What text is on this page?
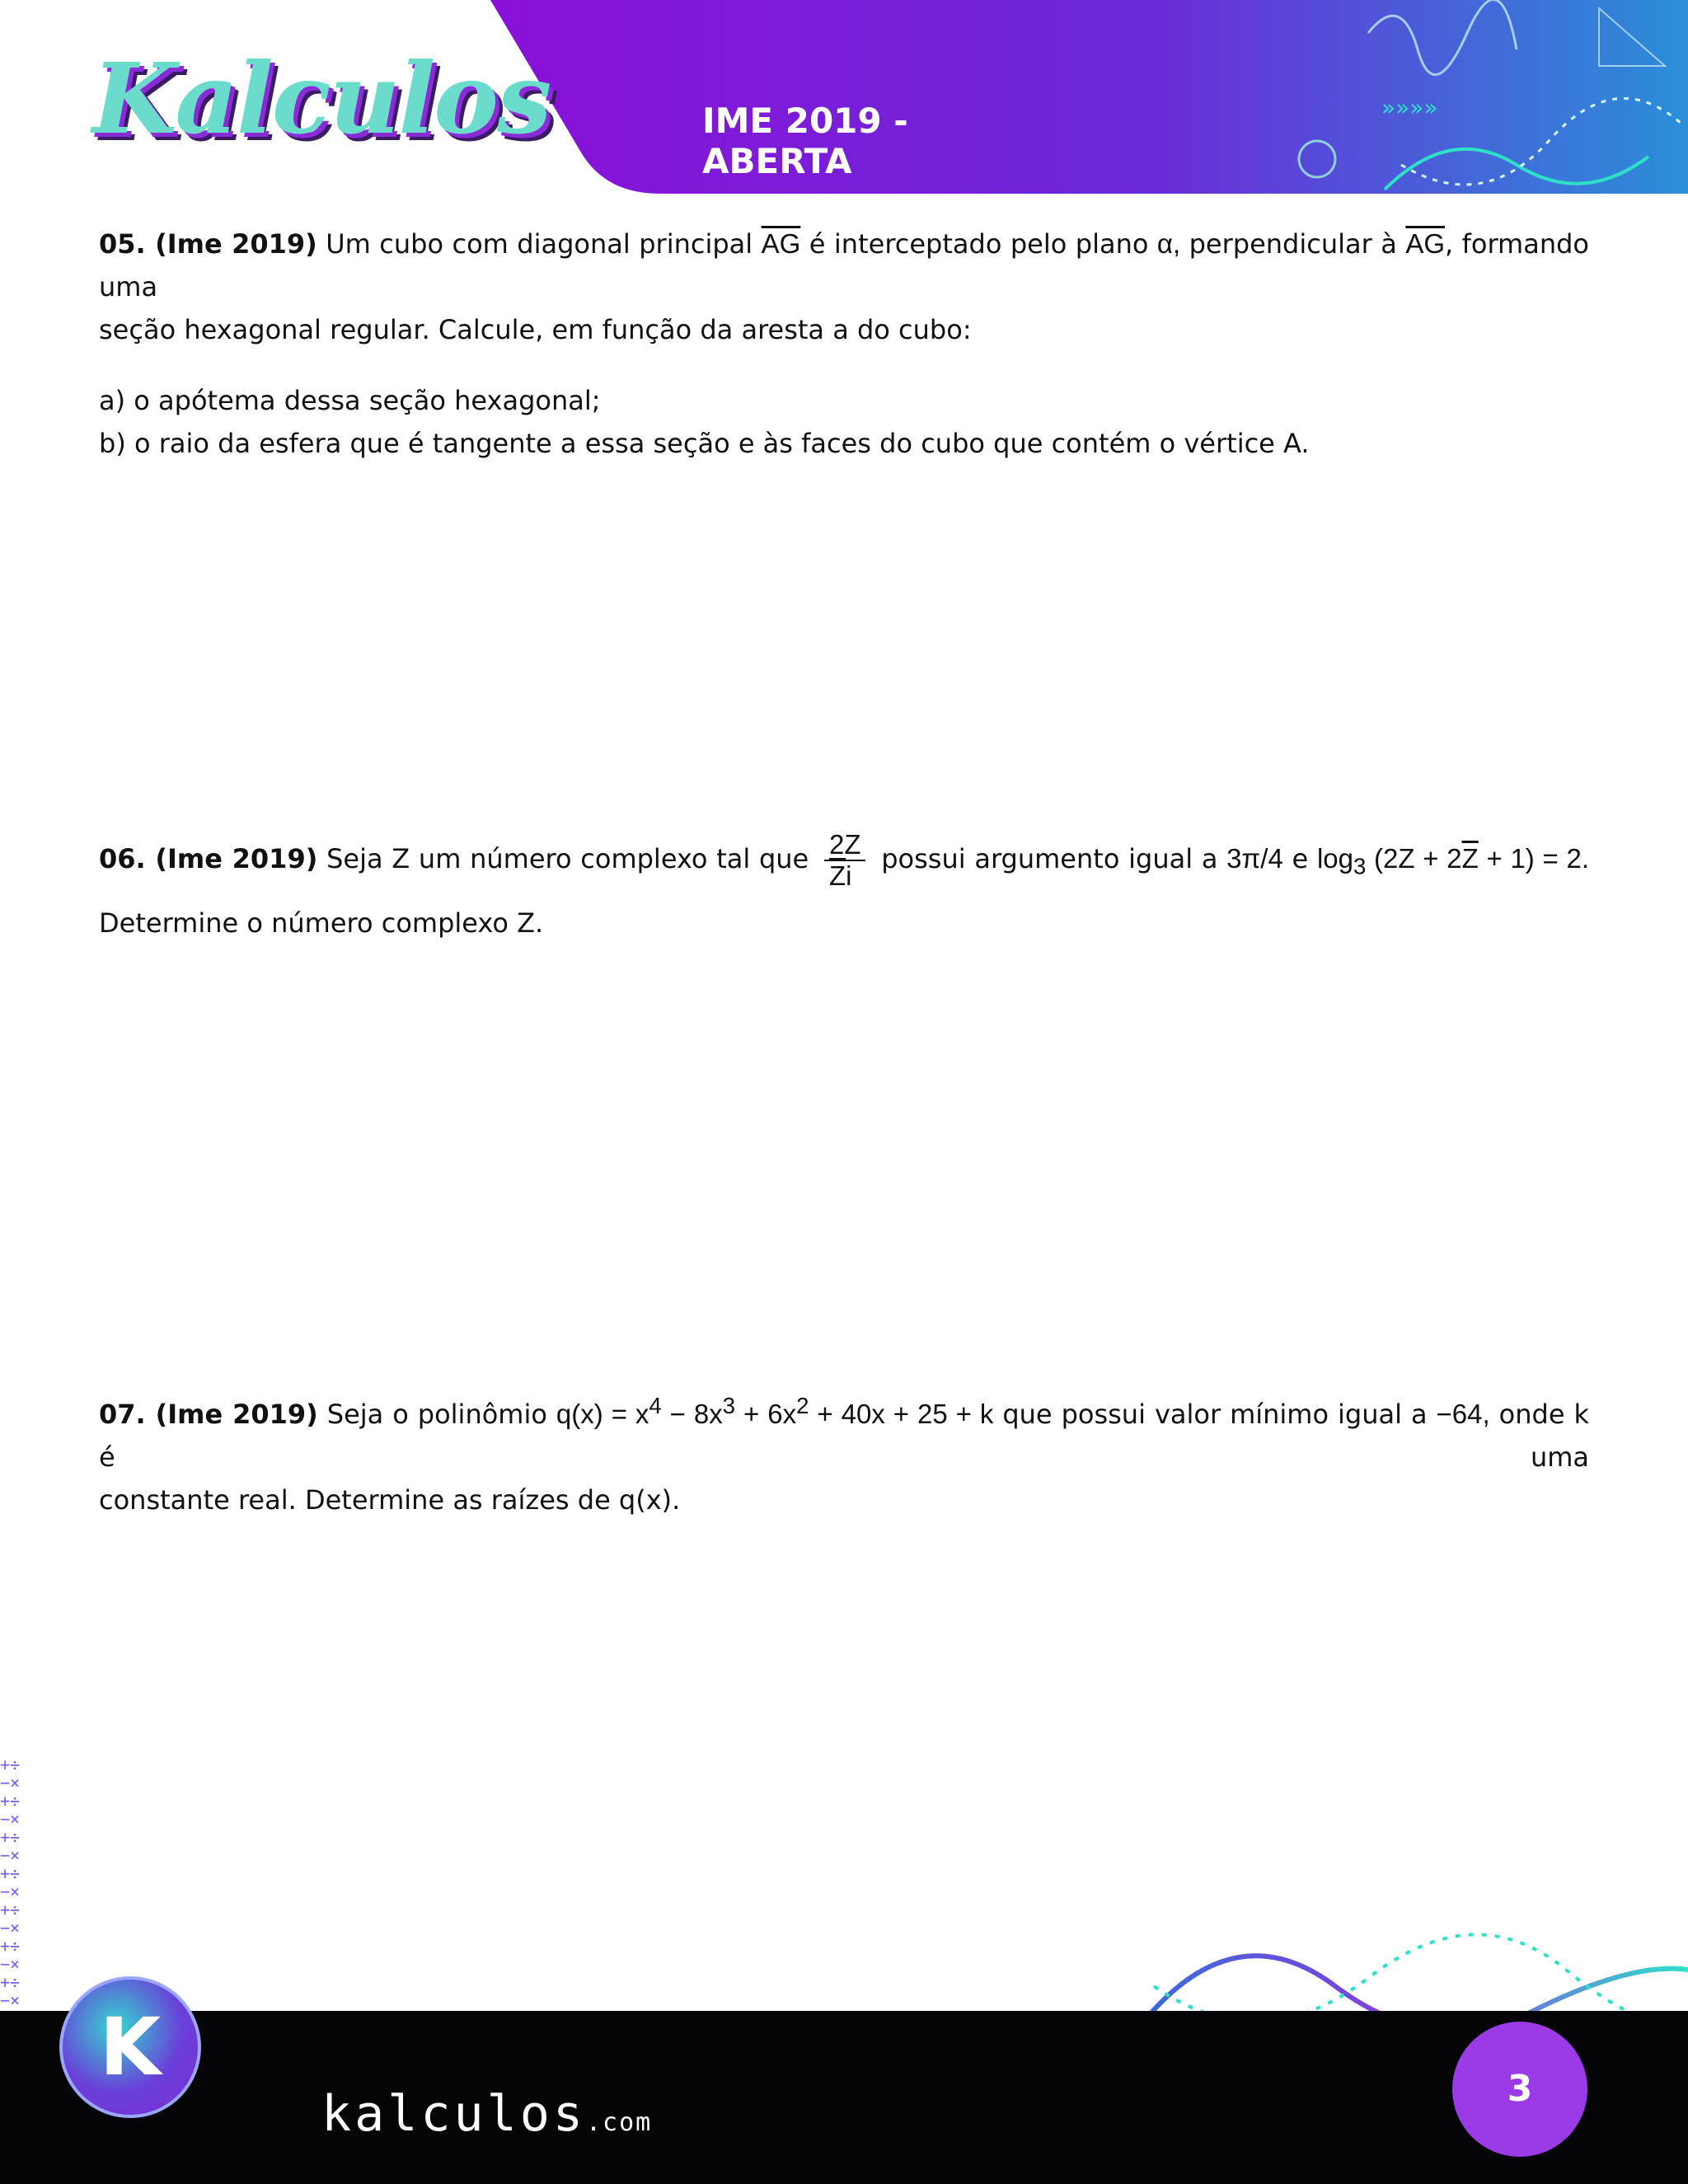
»»»»
Kalculos	IME 2019 - ABERTA
05. (Ime 2019) Um cubo com diagonal principal $\overline{AG}$ é interceptado pelo plano α, perpendicular à $\overline{AG}$, formando uma
seção hexagonal regular. Calcule, em função da aresta a do cubo:
a) o apótema dessa seção hexagonal;
b) o raio da esfera que é tangente a essa seção e às faces do cubo que contém o vértice A.
06. (Ime 2019) Seja Z um número complexo tal que $\frac{2Z}{\overline{Z}i}$ possui argumento igual a 3π/4 e $\log_3 (2Z + 2\overline{Z} + 1) = 2$.
Determine o número complexo Z.
07. (Ime 2019) Seja o polinômio $q(x) = x^4 - 8x^3 + 6x^2 + 40x + 25 + k$ que possui valor mínimo igual a −64, onde k é uma
constante real. Determine as raízes de q(x).
+÷
−×
+÷
−×
+÷
−×
+÷
−×
+÷
−×
+÷
−×
+÷
−×
K
kalculos.com
3
